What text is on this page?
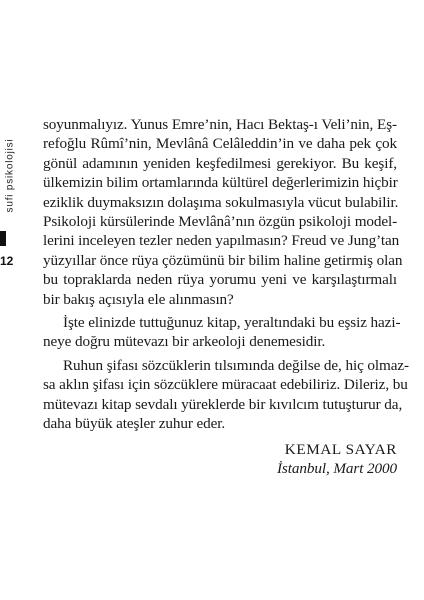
sufi psikolojisi
12
soyunmalıyız. Yunus Emre’nin, Hacı Bektaş-ı Veli’nin, Eş-
refoğlu Rûmî’nin, Mevlânâ Celâleddin’in ve daha pek çok
gönül adamının yeniden keşfedilmesi gerekiyor. Bu keşif,
ülkemizin bilim ortamlarında kültürel değerlerimizin hiçbir
eziklik duymaksızın dolaşıma sokulmasıyla vücut bulabilir.
Psikoloji kürsülerinde Mevlânâ’nın özgün psikoloji model-
lerini inceleyen tezler neden yapılmasın? Freud ve Jung’tan
yüzyıllar önce rüya çözümünü bir bilim haline getirmiş olan
bu topraklarda neden rüya yorumu yeni ve karşılaştırmalı
bir bakış açısıyla ele alınmasın?
İşte elinizde tuttuğunuz kitap, yeraltındaki bu eşsiz hazi-
neye doğru mütevazı bir arkeoloji denemesidir.
Ruhun şifası sözcüklerin tılsımında değilse de, hiç olmaz-
sa aklın şifası için sözcüklere müracaat edebiliriz. Dileriz, bu
mütevazı kitap sevdalı yüreklerde bir kıvılcım tutuşturur da,
daha büyük ateşler zuhur eder.
KEMAL SAYAR
İstanbul, Mart 2000
